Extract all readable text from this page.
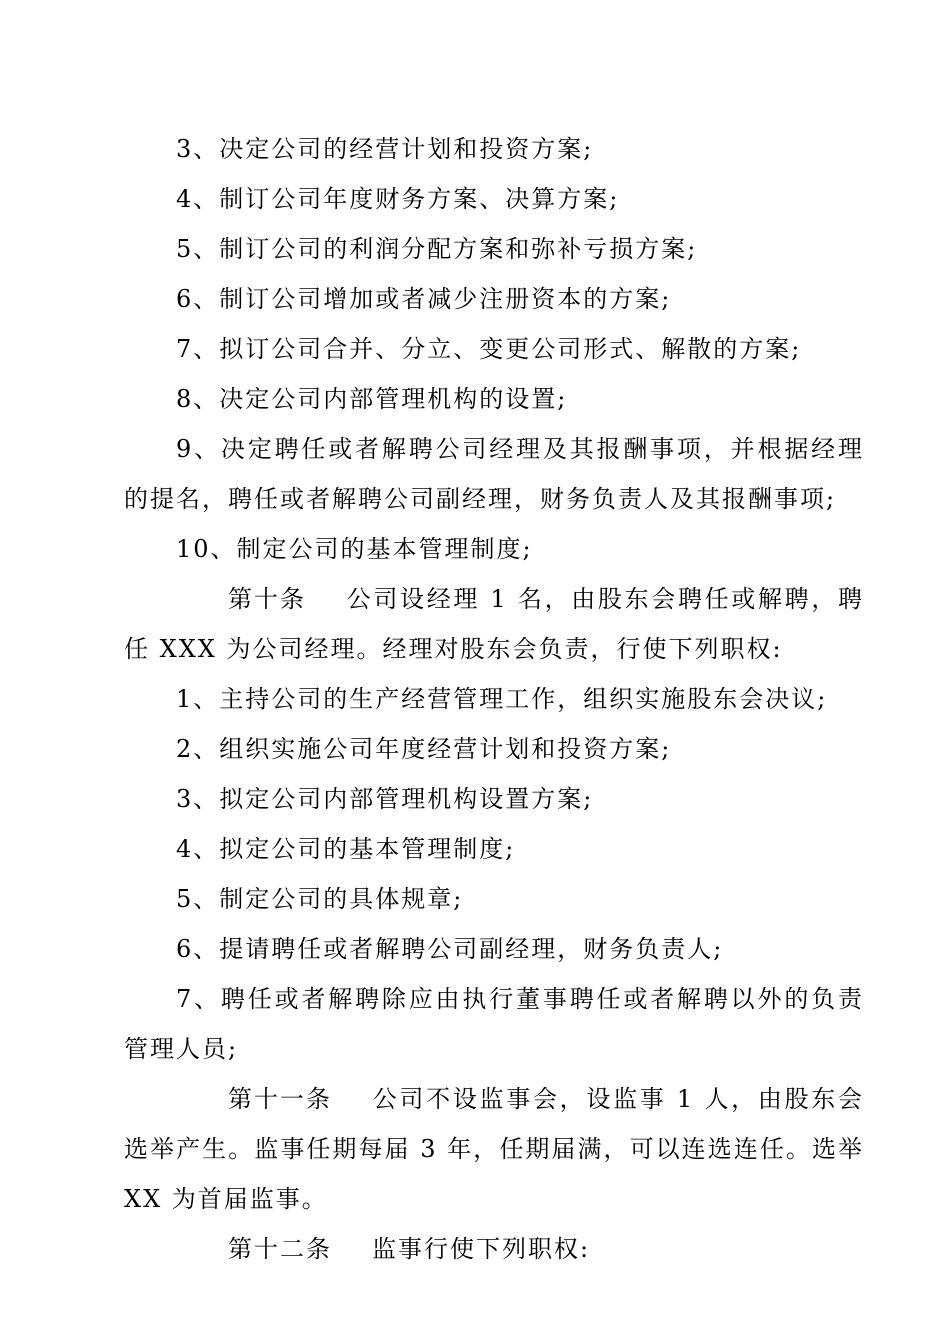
3、决定公司的经营计划和投资方案;

4、制订公司年度财务方案、决算方案;

5、制订公司的利润分配方案和弥补亏损方案;

6、制订公司增加或者减少注册资本的方案;

7、拟订公司合并、分立、变更公司形式、解散的方案;

8、决定公司内部管理机构的设置;

9、决定聘任或者解聘公司经理及其报酬事项，并根据经理的提名，聘任或者解聘公司副经理，财务负责人及其报酬事项;

10、制定公司的基本管理制度;

第十条 公司设经理 1 名，由股东会聘任或解聘，聘任 XXX 为公司经理。经理对股东会负责，行使下列职权:

1、主持公司的生产经营管理工作，组织实施股东会决议;

2、组织实施公司年度经营计划和投资方案;

3、拟定公司内部管理机构设置方案;

4、拟定公司的基本管理制度;

5、制定公司的具体规章;

6、提请聘任或者解聘公司副经理，财务负责人;

7、聘任或者解聘除应由执行董事聘任或者解聘以外的负责管理人员;

第十一条 公司不设监事会，设监事 1 人，由股东会选举产生。监事任期每届 3 年，任期届满，可以连选连任。选举 XX 为首届监事。

第十二条 监事行使下列职权:
